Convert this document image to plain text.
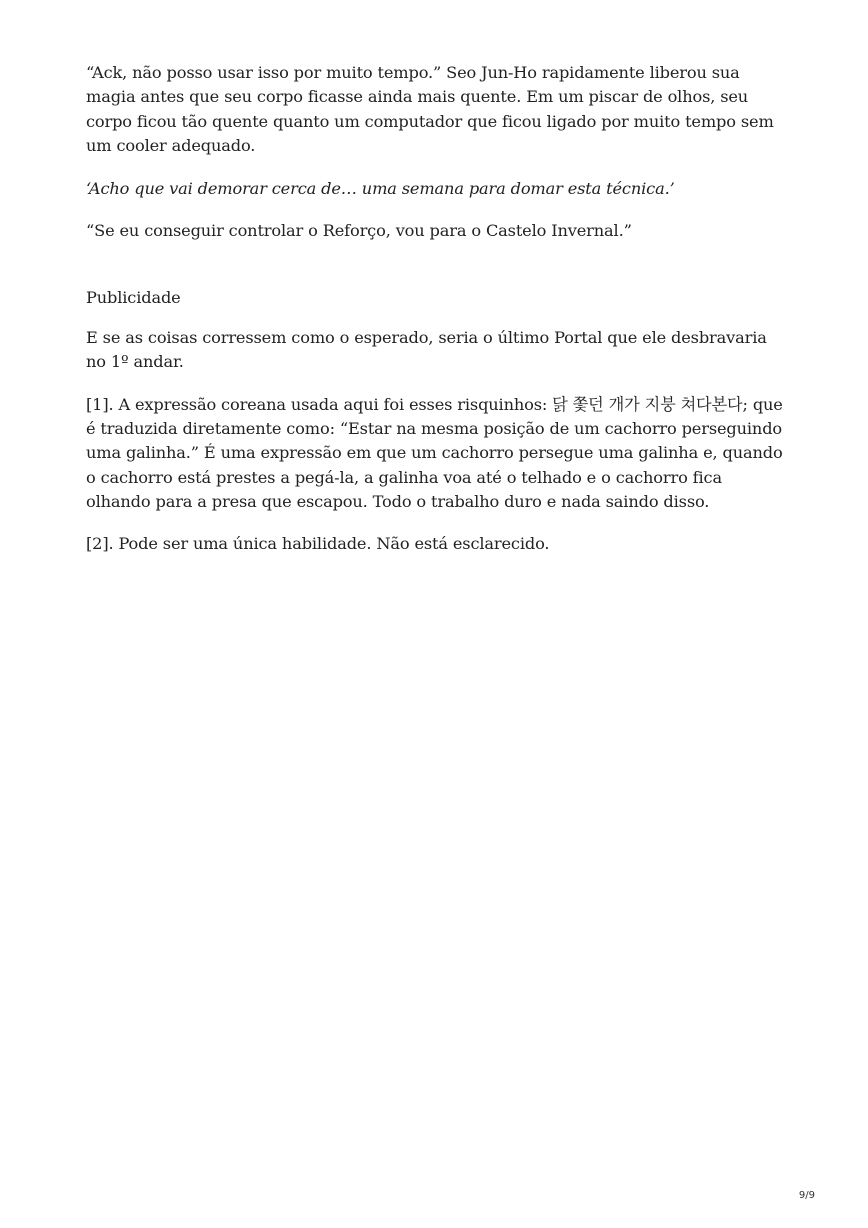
“Ack, não posso usar isso por muito tempo.” Seo Jun-Ho rapidamente liberou sua magia antes que seu corpo ficasse ainda mais quente. Em um piscar de olhos, seu corpo ficou tão quente quanto um computador que ficou ligado por muito tempo sem um cooler adequado.

‘Acho que vai demorar cerca de… uma semana para domar esta técnica.’

“Se eu conseguir controlar o Reforço, vou para o Castelo Invernal.”

Publicidade

E se as coisas corressem como o esperado, seria o último Portal que ele desbravaria no 1º andar.

[1]. A expressão coreana usada aqui foi esses risquinhos: 닭 쫓던 개가 지붕 쳐다본다; que é traduzida diretamente como: “Estar na mesma posição de um cachorro perseguindo uma galinha.” É uma expressão em que um cachorro persegue uma galinha e, quando o cachorro está prestes a pegá-la, a galinha voa até o telhado e o cachorro fica olhando para a presa que escapou. Todo o trabalho duro e nada saindo disso.

[2]. Pode ser uma única habilidade. Não está esclarecido.

9/9
